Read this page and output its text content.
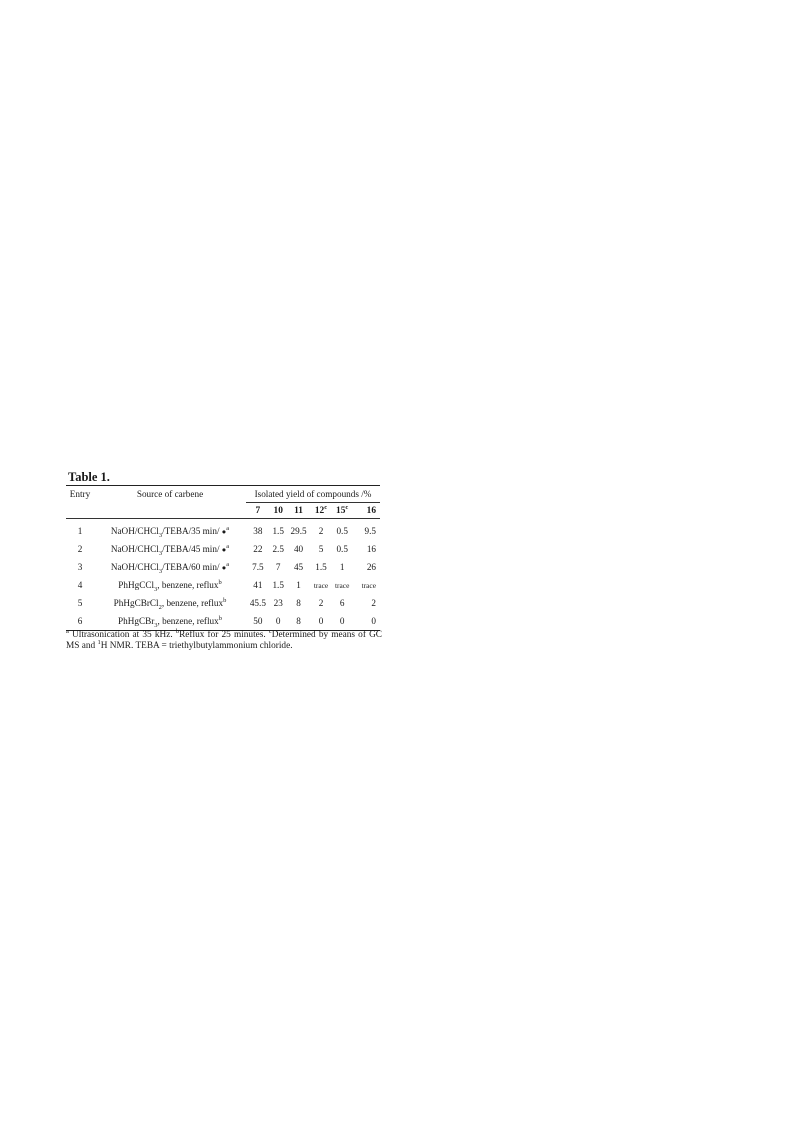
Table 1.
Entry	Source of carbene	Isolated yield of compounds /%					
		7	10	11	12$^c$	15$^c$	16
1	NaOH/CHCl$_3$/TEBA/35 min/ ●$^a$	38	1.5	29.5	2	0.5	9.5
2	NaOH/CHCl$_3$/TEBA/45 min/ ●$^a$	22	2.5	40	5	0.5	16
3	NaOH/CHCl$_3$/TEBA/60 min/ ●$^a$	7.5	7	45	1.5	1	26
4	PhHgCCl$_3$, benzene, reflux$^b$	41	1.5	1	trace	trace	trace
5	PhHgCBrCl$_2$, benzene, reflux$^b$	45.5	23	8	2	6	2
6	PhHgCBr$_3$, benzene, reflux$^b$	50	0	8	0	0	0

$^a$ Ultrasonication at 35 kHz. $^b$Reflux for 25 minutes. $^c$Determined by means of GC MS and $^1$H NMR. TEBA = triethylbutylammonium chloride.
